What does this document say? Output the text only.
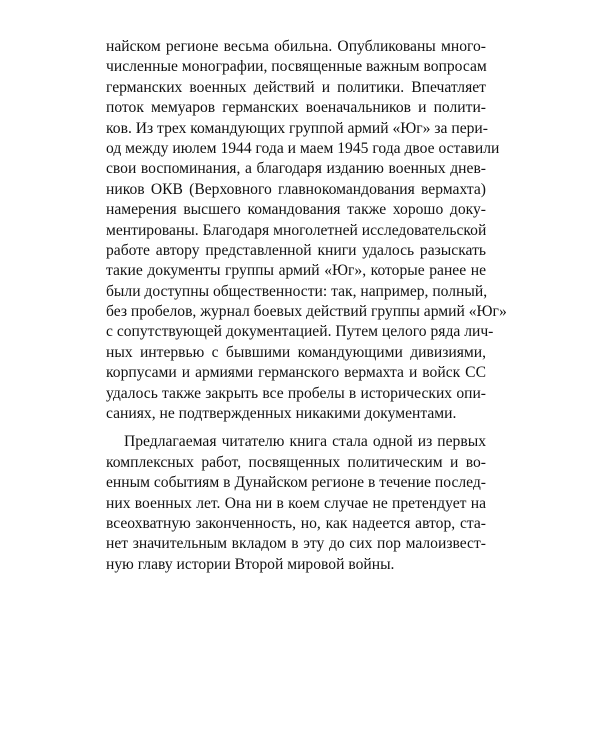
найском регионе весьма обильна. Опубликованы много-
численные монографии, посвященные важным вопросам
германских военных действий и политики. Впечатляет
поток мемуаров германских военачальников и полити-
ков. Из трех командующих группой армий «Юг» за пери-
од между июлем 1944 года и маем 1945 года двое оставили
свои воспоминания, а благодаря изданию военных днев-
ников ОКВ (Верховного главнокомандования вермахта)
намерения высшего командования также хорошо доку-
ментированы. Благодаря многолетней исследовательской
работе автору представленной книги удалось разыскать
такие документы группы армий «Юг», которые ранее не
были доступны общественности: так, например, полный,
без пробелов, журнал боевых действий группы армий «Юг»
с сопутствующей документацией. Путем целого ряда лич-
ных интервью с бывшими командующими дивизиями,
корпусами и армиями германского вермахта и войск СС
удалось также закрыть все пробелы в исторических опи-
саниях, не подтвержденных никакими документами.
Предлагаемая читателю книга стала одной из первых
комплексных работ, посвященных политическим и во-
енным событиям в Дунайском регионе в течение послед-
них военных лет. Она ни в коем случае не претендует на
всеохватную законченность, но, как надеется автор, ста-
нет значительным вкладом в эту до сих пор малоизвест-
ную главу истории Второй мировой войны.
